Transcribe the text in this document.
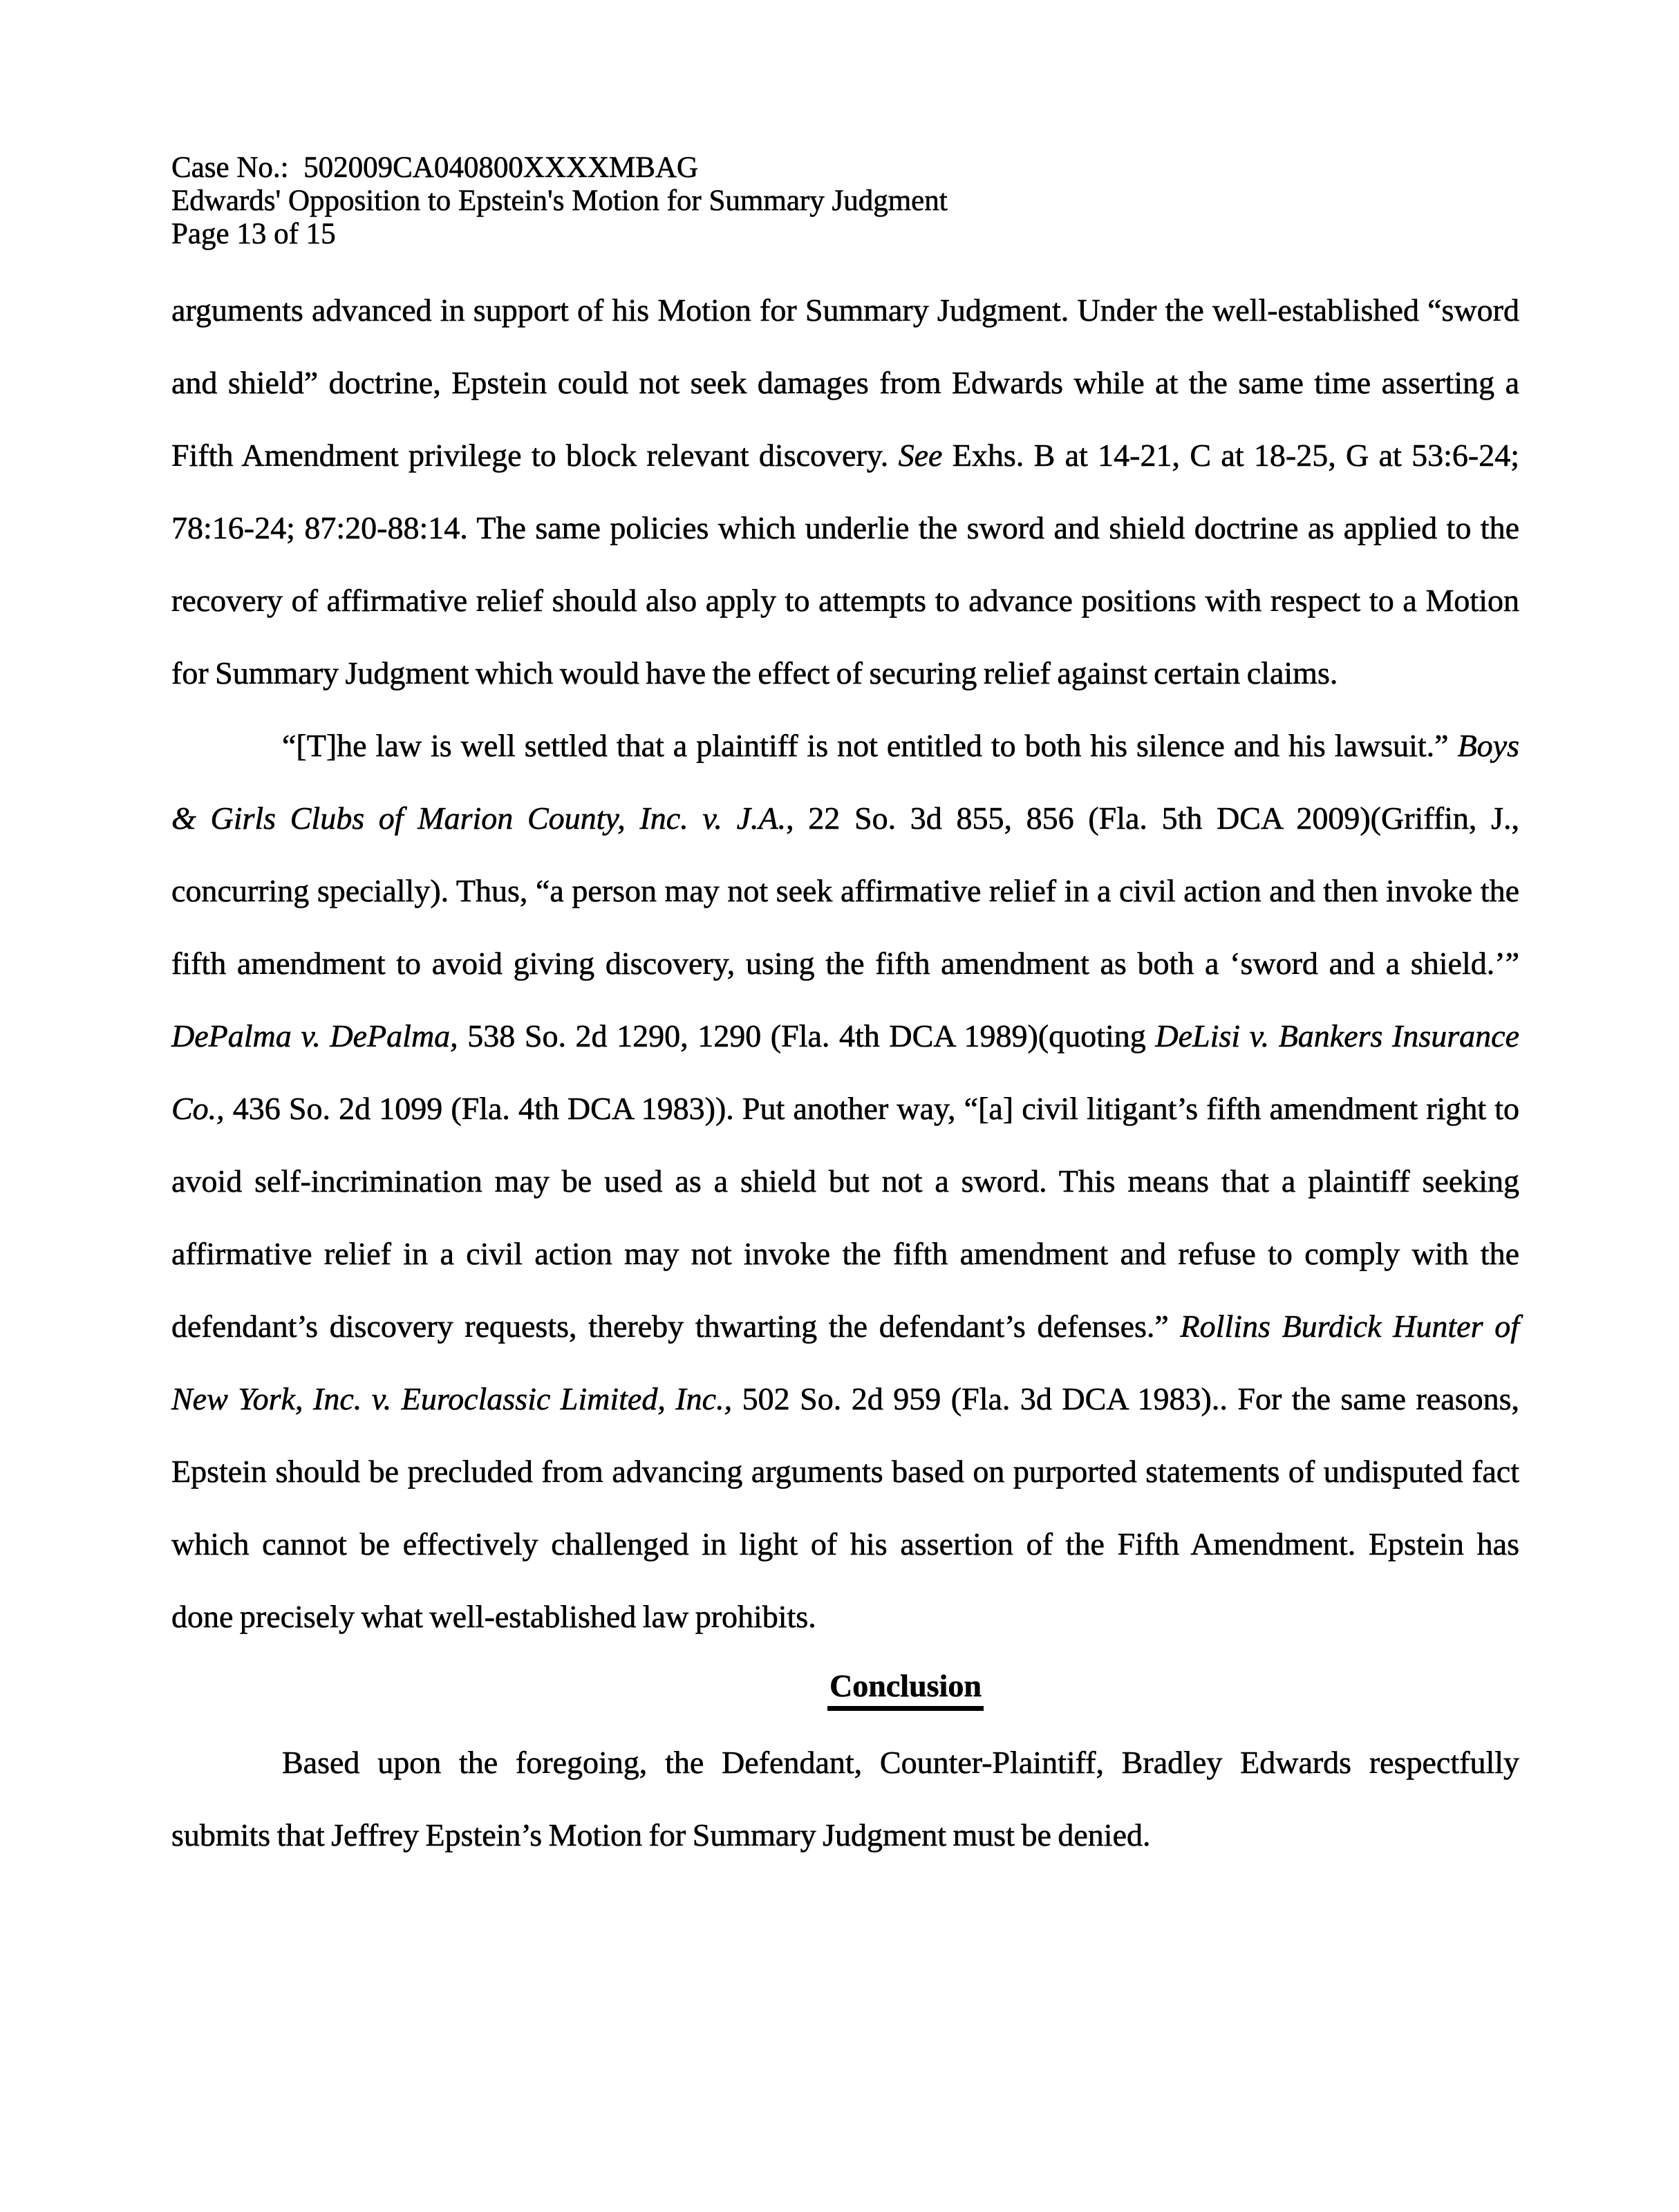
Case No.:  502009CA040800XXXXMBAG
Edwards' Opposition to Epstein's Motion for Summary Judgment
Page 13 of 15
arguments advanced in support of his Motion for Summary Judgment. Under the well-established “sword
and shield” doctrine, Epstein could not seek damages from Edwards while at the same time asserting a
Fifth Amendment privilege to block relevant discovery. See Exhs. B at 14-21, C at 18-25, G at 53:6-24;
78:16-24; 87:20-88:14. The same policies which underlie the sword and shield doctrine as applied to the
recovery of affirmative relief should also apply to attempts to advance positions with respect to a Motion
for Summary Judgment which would have the effect of securing relief against certain claims.
“[T]he law is well settled that a plaintiff is not entitled to both his silence and his lawsuit.” Boys
& Girls Clubs of Marion County, Inc. v. J.A., 22 So. 3d 855, 856 (Fla. 5th DCA 2009)(Griffin, J.,
concurring specially). Thus, “a person may not seek affirmative relief in a civil action and then invoke the
fifth amendment to avoid giving discovery, using the fifth amendment as both a ‘sword and a shield.’”
DePalma v. DePalma, 538 So. 2d 1290, 1290 (Fla. 4th DCA 1989)(quoting DeLisi v. Bankers Insurance
Co., 436 So. 2d 1099 (Fla. 4th DCA 1983)). Put another way, “[a] civil litigant’s fifth amendment right to
avoid self-incrimination may be used as a shield but not a sword. This means that a plaintiff seeking
affirmative relief in a civil action may not invoke the fifth amendment and refuse to comply with the
defendant’s discovery requests, thereby thwarting the defendant’s defenses.” Rollins Burdick Hunter of
New York, Inc. v. Euroclassic Limited, Inc., 502 So. 2d 959 (Fla. 3d DCA 1983).. For the same reasons,
Epstein should be precluded from advancing arguments based on purported statements of undisputed fact
which cannot be effectively challenged in light of his assertion of the Fifth Amendment. Epstein has
done precisely what well-established law prohibits.
Conclusion
Based upon the foregoing, the Defendant, Counter-Plaintiff, Bradley Edwards respectfully
submits that Jeffrey Epstein’s Motion for Summary Judgment must be denied.
